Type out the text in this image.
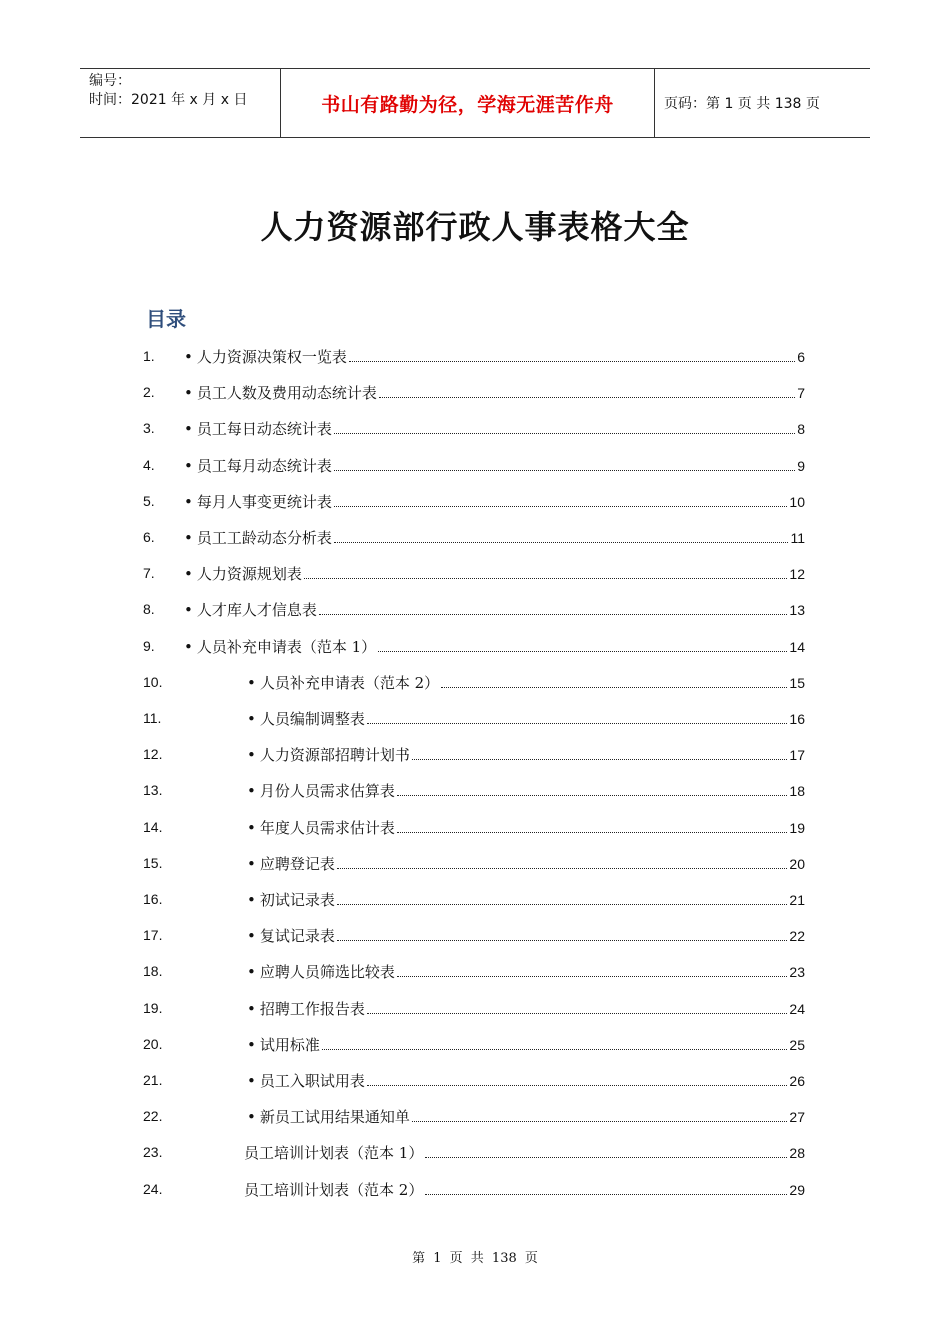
编号：
时间：2021 年 x 月 x 日	书山有路勤为径，学海无涯苦作舟	页码：第 1 页 共 138 页
人力资源部行政人事表格大全
目录
1. • 人力资源决策权一览表	6
2. • 员工人数及费用动态统计表	7
3. • 员工每日动态统计表	8
4. • 员工每月动态统计表	9
5. • 每月人事变更统计表	10
6. • 员工工龄动态分析表	11
7. • 人力资源规划表	12
8. • 人才库人才信息表	13
9. • 人员补充申请表（范本 1）	14
10.	• 人员补充申请表（范本 2）	15
11.	• 人员编制调整表	16
12.	• 人力资源部招聘计划书	17
13.	• 月份人员需求估算表	18
14.	• 年度人员需求估计表	19
15.	• 应聘登记表	20
16.	• 初试记录表	21
17.	• 复试记录表	22
18.	• 应聘人员筛选比较表	23
19.	• 招聘工作报告表	24
20.	• 试用标准	25
21.	• 员工入职试用表	26
22.	• 新员工试用结果通知单	27
23.	员工培训计划表（范本 1）	28
24.	员工培训计划表（范本 2）	29
第 1 页 共 138 页
